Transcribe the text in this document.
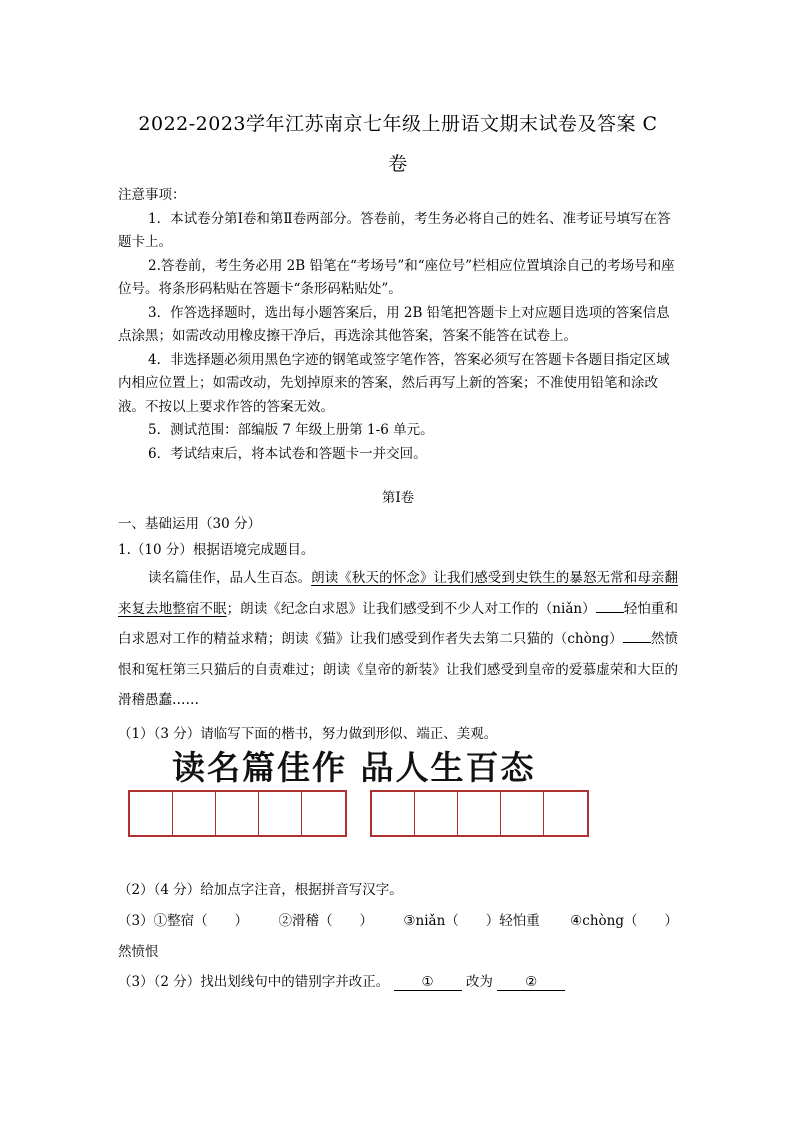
2022-2023学年江苏南京七年级上册语文期末试卷及答案 C
卷

注意事项：

1．本试卷分第Ⅰ卷和第Ⅱ卷两部分。答卷前，考生务必将自己的姓名、准考证号填写在答题卡上。

2.答卷前，考生务必用 2B 铅笔在“考场号”和“座位号”栏相应位置填涂自己的考场号和座位号。将条形码粘贴在答题卡“条形码粘贴处”。

3．作答选择题时，选出每小题答案后，用 2B 铅笔把答题卡上对应题目选项的答案信息点涂黑；如需改动用橡皮擦干净后，再选涂其他答案，答案不能答在试卷上。

4．非选择题必须用黑色字迹的钢笔或签字笔作答，答案必须写在答题卡各题目指定区域内相应位置上；如需改动，先划掉原来的答案，然后再写上新的答案；不准使用铅笔和涂改液。不按以上要求作答的答案无效。

5．测试范围：部编版 7 年级上册第 1-6 单元。

6．考试结束后，将本试卷和答题卡一并交回。

第Ⅰ卷
一、基础运用（30 分）
1.（10 分）根据语境完成题目。
读名篇佳作，品人生百态。朗读《秋天的怀念》让我们感受到史铁生的暴怒无常和母亲翻来复去地整宿不眠；朗读《纪念白求恩》让我们感受到不少人对工作的（niǎn） 轻怕重和白求恩对工作的精益求精；朗读《猫》让我们感受到作者失去第二只猫的（chòng） 然愤恨和冤枉第三只猫后的自责难过；朗读《皇帝的新装》让我们感受到皇帝的爱慕虚荣和大臣的滑稽愚蠢……
（1）（3 分）请临写下面的楷书，努力做到形似、端正、美观。
读名篇佳作 品人生百态
（2）（4 分）给加点字注音，根据拼音写汉字。
（3）①整宿（　　） ②滑稽（　　） ③niǎn（　　）轻怕重 ④chòng（　　）
然愤恨
（3）（2 分）找出划线句中的错别字并改正。 ① 改为 ②
